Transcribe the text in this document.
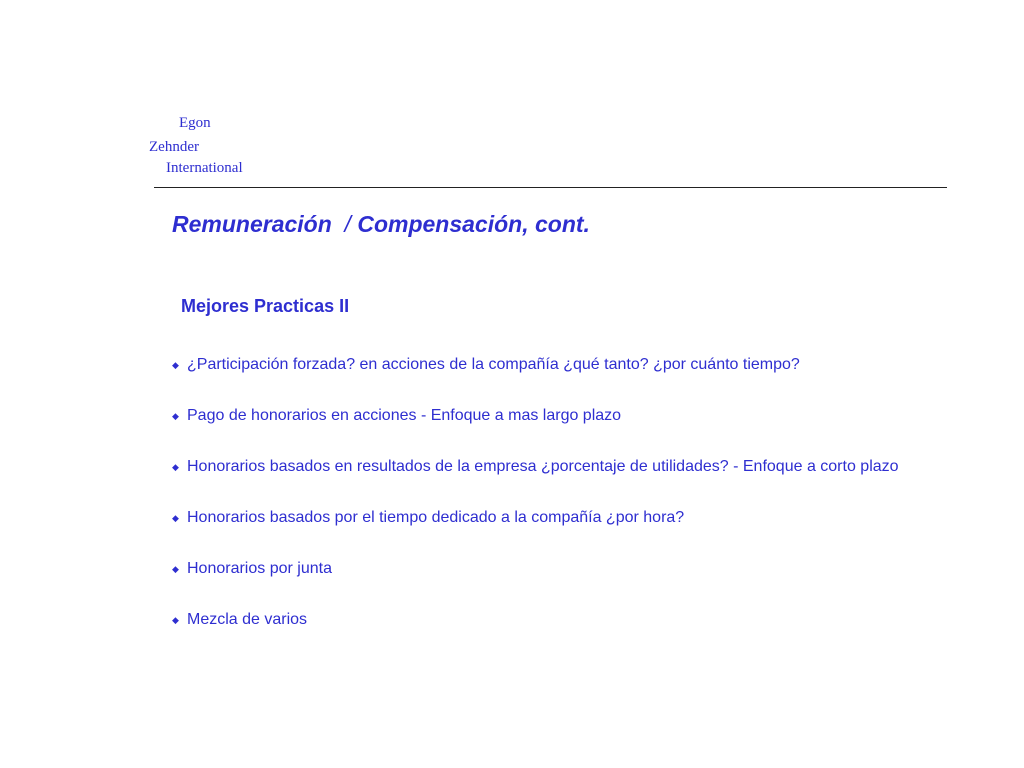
Egon
Zehnder
International
Remuneración  / Compensación, cont.
Mejores Practicas II
◆ ¿Participación forzada? en acciones de la compañía ¿qué tanto? ¿por cuánto tiempo?
◆ Pago de honorarios en acciones - Enfoque a mas largo plazo
◆ Honorarios basados en resultados de la empresa ¿porcentaje de utilidades? - Enfoque a corto plazo
◆ Honorarios basados por el tiempo dedicado a la compañía ¿por hora?
◆ Honorarios por junta
◆ Mezcla de varios
